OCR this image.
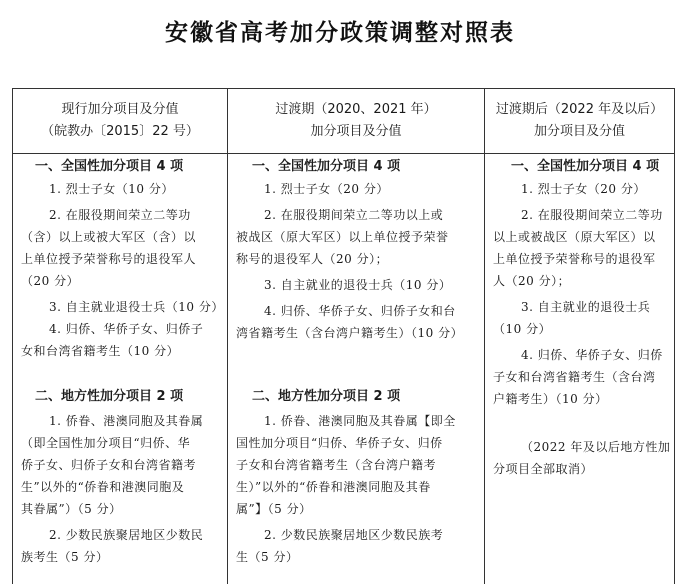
安徽省高考加分政策调整对照表
现行加分项目及分值
（皖教办〔2015〕22 号）
一、全国性加分项目 4 项
1. 烈士子女（10 分）
2. 在服役期间荣立二等功
（含）以上或被大军区（含）以
上单位授予荣誉称号的退役军人
（20 分）
3. 自主就业退役士兵（10 分）
4. 归侨、华侨子女、归侨子
女和台湾省籍考生（10 分）
二、地方性加分项目 2 项
1. 侨眷、港澳同胞及其眷属
（即全国性加分项目“归侨、华
侨子女、归侨子女和台湾省籍考
生”以外的“侨眷和港澳同胞及
其眷属”）（5 分）
2. 少数民族聚居地区少数民
族考生（5 分）
过渡期（2020、2021 年）
加分项目及分值
一、全国性加分项目 4 项
1. 烈士子女（20 分）
2. 在服役期间荣立二等功以上或
被战区（原大军区）以上单位授予荣誉
称号的退役军人（20 分）；
3. 自主就业的退役士兵（10 分）
4. 归侨、华侨子女、归侨子女和台
湾省籍考生（含台湾户籍考生）（10 分）
二、地方性加分项目 2 项
1. 侨眷、港澳同胞及其眷属【即全
国性加分项目“归侨、华侨子女、归侨
子女和台湾省籍考生（含台湾户籍考
生）”以外的“侨眷和港澳同胞及其眷
属”】（5 分）
2. 少数民族聚居地区少数民族考
生（5 分）
过渡期后（2022 年及以后）
加分项目及分值
一、全国性加分项目 4 项
1. 烈士子女（20 分）
2. 在服役期间荣立二等功
以上或被战区（原大军区）以
上单位授予荣誉称号的退役军
人（20 分）；
3. 自主就业的退役士兵
（10 分）
4. 归侨、华侨子女、归侨
子女和台湾省籍考生（含台湾
户籍考生）（10 分）
（2022 年及以后地方性加
分项目全部取消）
